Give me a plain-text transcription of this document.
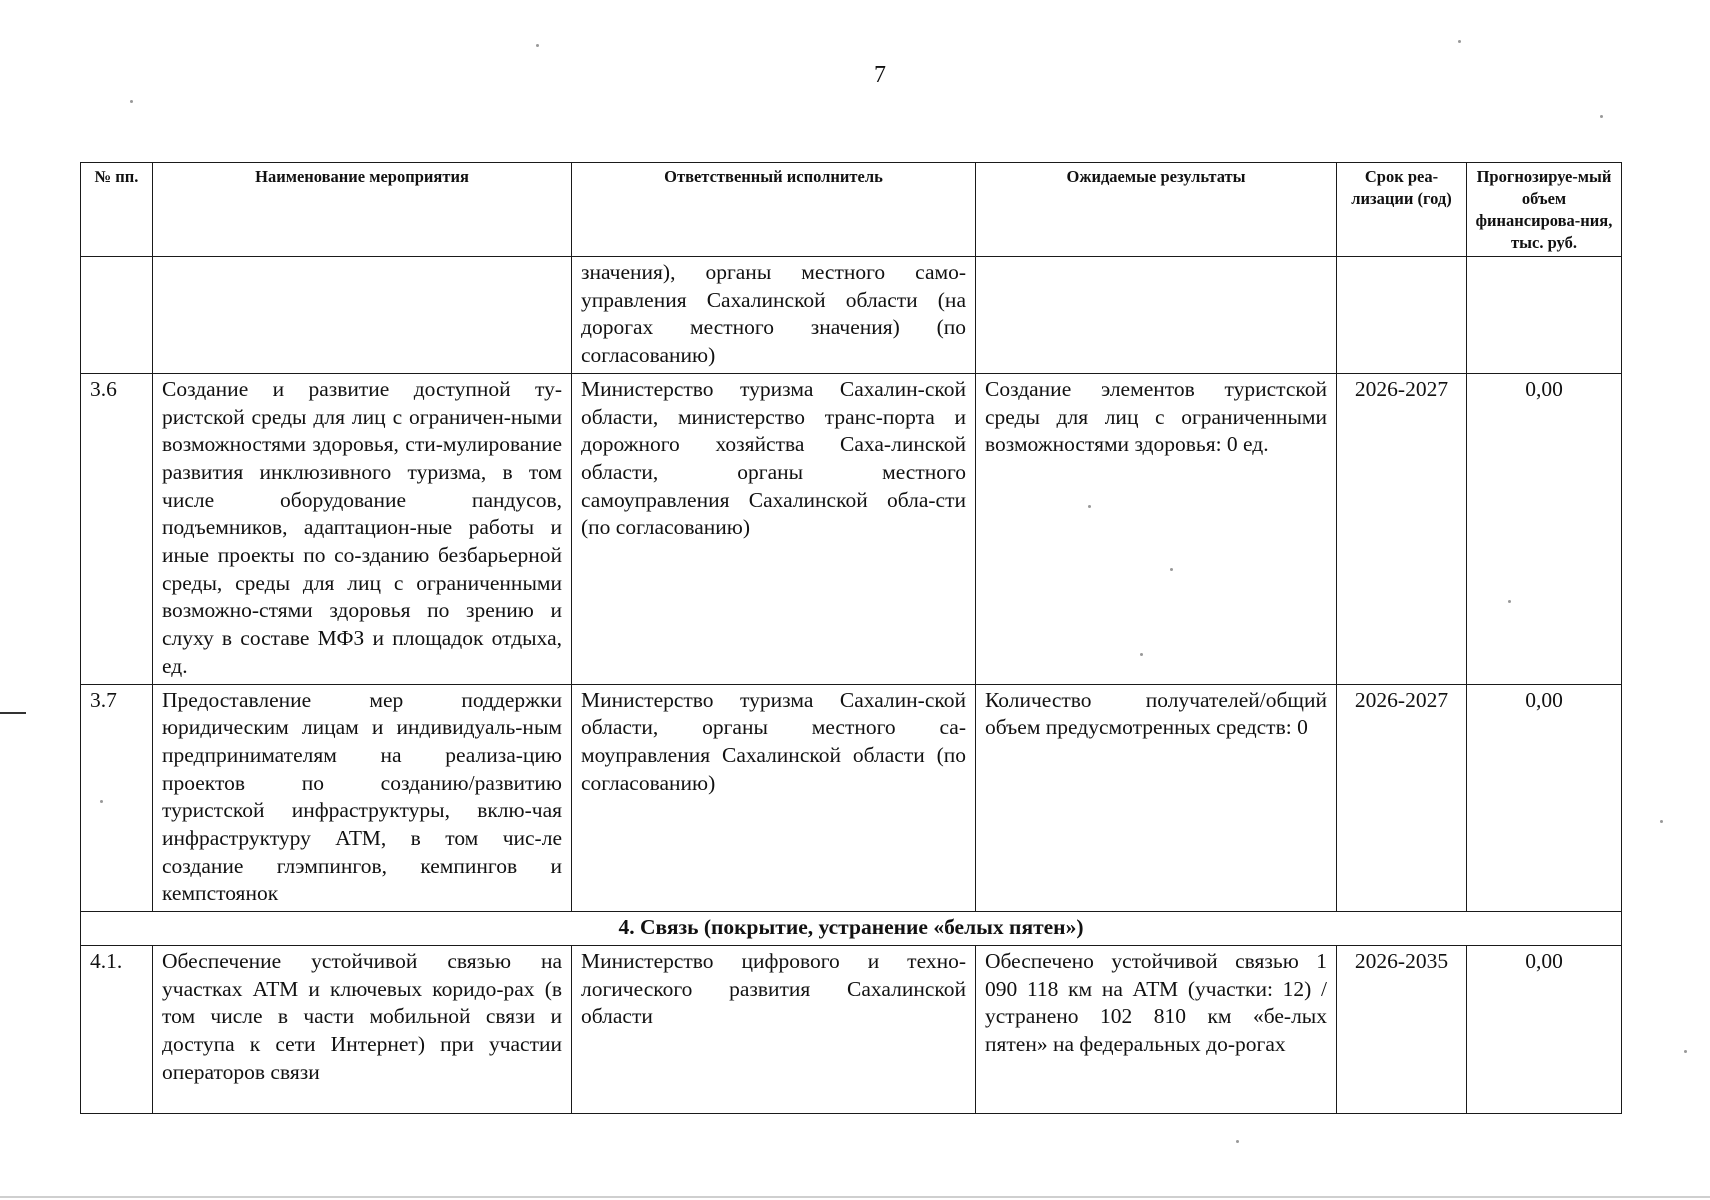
7
№ пп.	Наименование мероприятия	Ответственный исполнитель	Ожидаемые результаты	Срок реа-лизации (год)	Прогнозируе-мый объем финансирова-ния, тыс. руб.
		значения), органы местного само-управления Сахалинской области (на дорогах местного значения) (по согласованию)			
3.6	Создание и развитие доступной ту-ристской среды для лиц с ограничен-ными возможностями здоровья, сти-мулирование развития инклюзивного туризма, в том числе оборудование пандусов, подъемников, адаптацион-ные работы и иные проекты по со-зданию безбарьерной среды, среды для лиц с ограниченными возможно-стями здоровья по зрению и слуху в составе МФЗ и площадок отдыха, ед.	Министерство туризма Сахалин-ской области, министерство транс-порта и дорожного хозяйства Саха-линской области, органы местного самоуправления Сахалинской обла-сти (по согласованию)	Создание элементов туристской среды для лиц с ограниченными возможностями здоровья: 0 ед.	2026-2027	0,00
3.7	Предоставление мер поддержки юридическим лицам и индивидуаль-ным предпринимателям на реализа-цию проектов по созданию/развитию туристской инфраструктуры, вклю-чая инфраструктуру АТМ, в том чис-ле создание глэмпингов, кемпингов и кемпстоянок	Министерство туризма Сахалин-ской области, органы местного са-моуправления Сахалинской области (по согласованию)	Количество получателей/общий объем предусмотренных средств: 0	2026-2027	0,00
4. Связь (покрытие, устранение «белых пятен»)					
4.1.	Обеспечение устойчивой связью на участках АТМ и ключевых коридо-рах (в том числе в части мобильной связи и доступа к сети Интернет) при участии операторов связи	Министерство цифрового и техно-логического развития Сахалинской области	Обеспечено устойчивой связью 1 090 118 км на АТМ (участки: 12) / устранено 102 810 км «бе-лых пятен» на федеральных до-рогах	2026-2035	0,00
